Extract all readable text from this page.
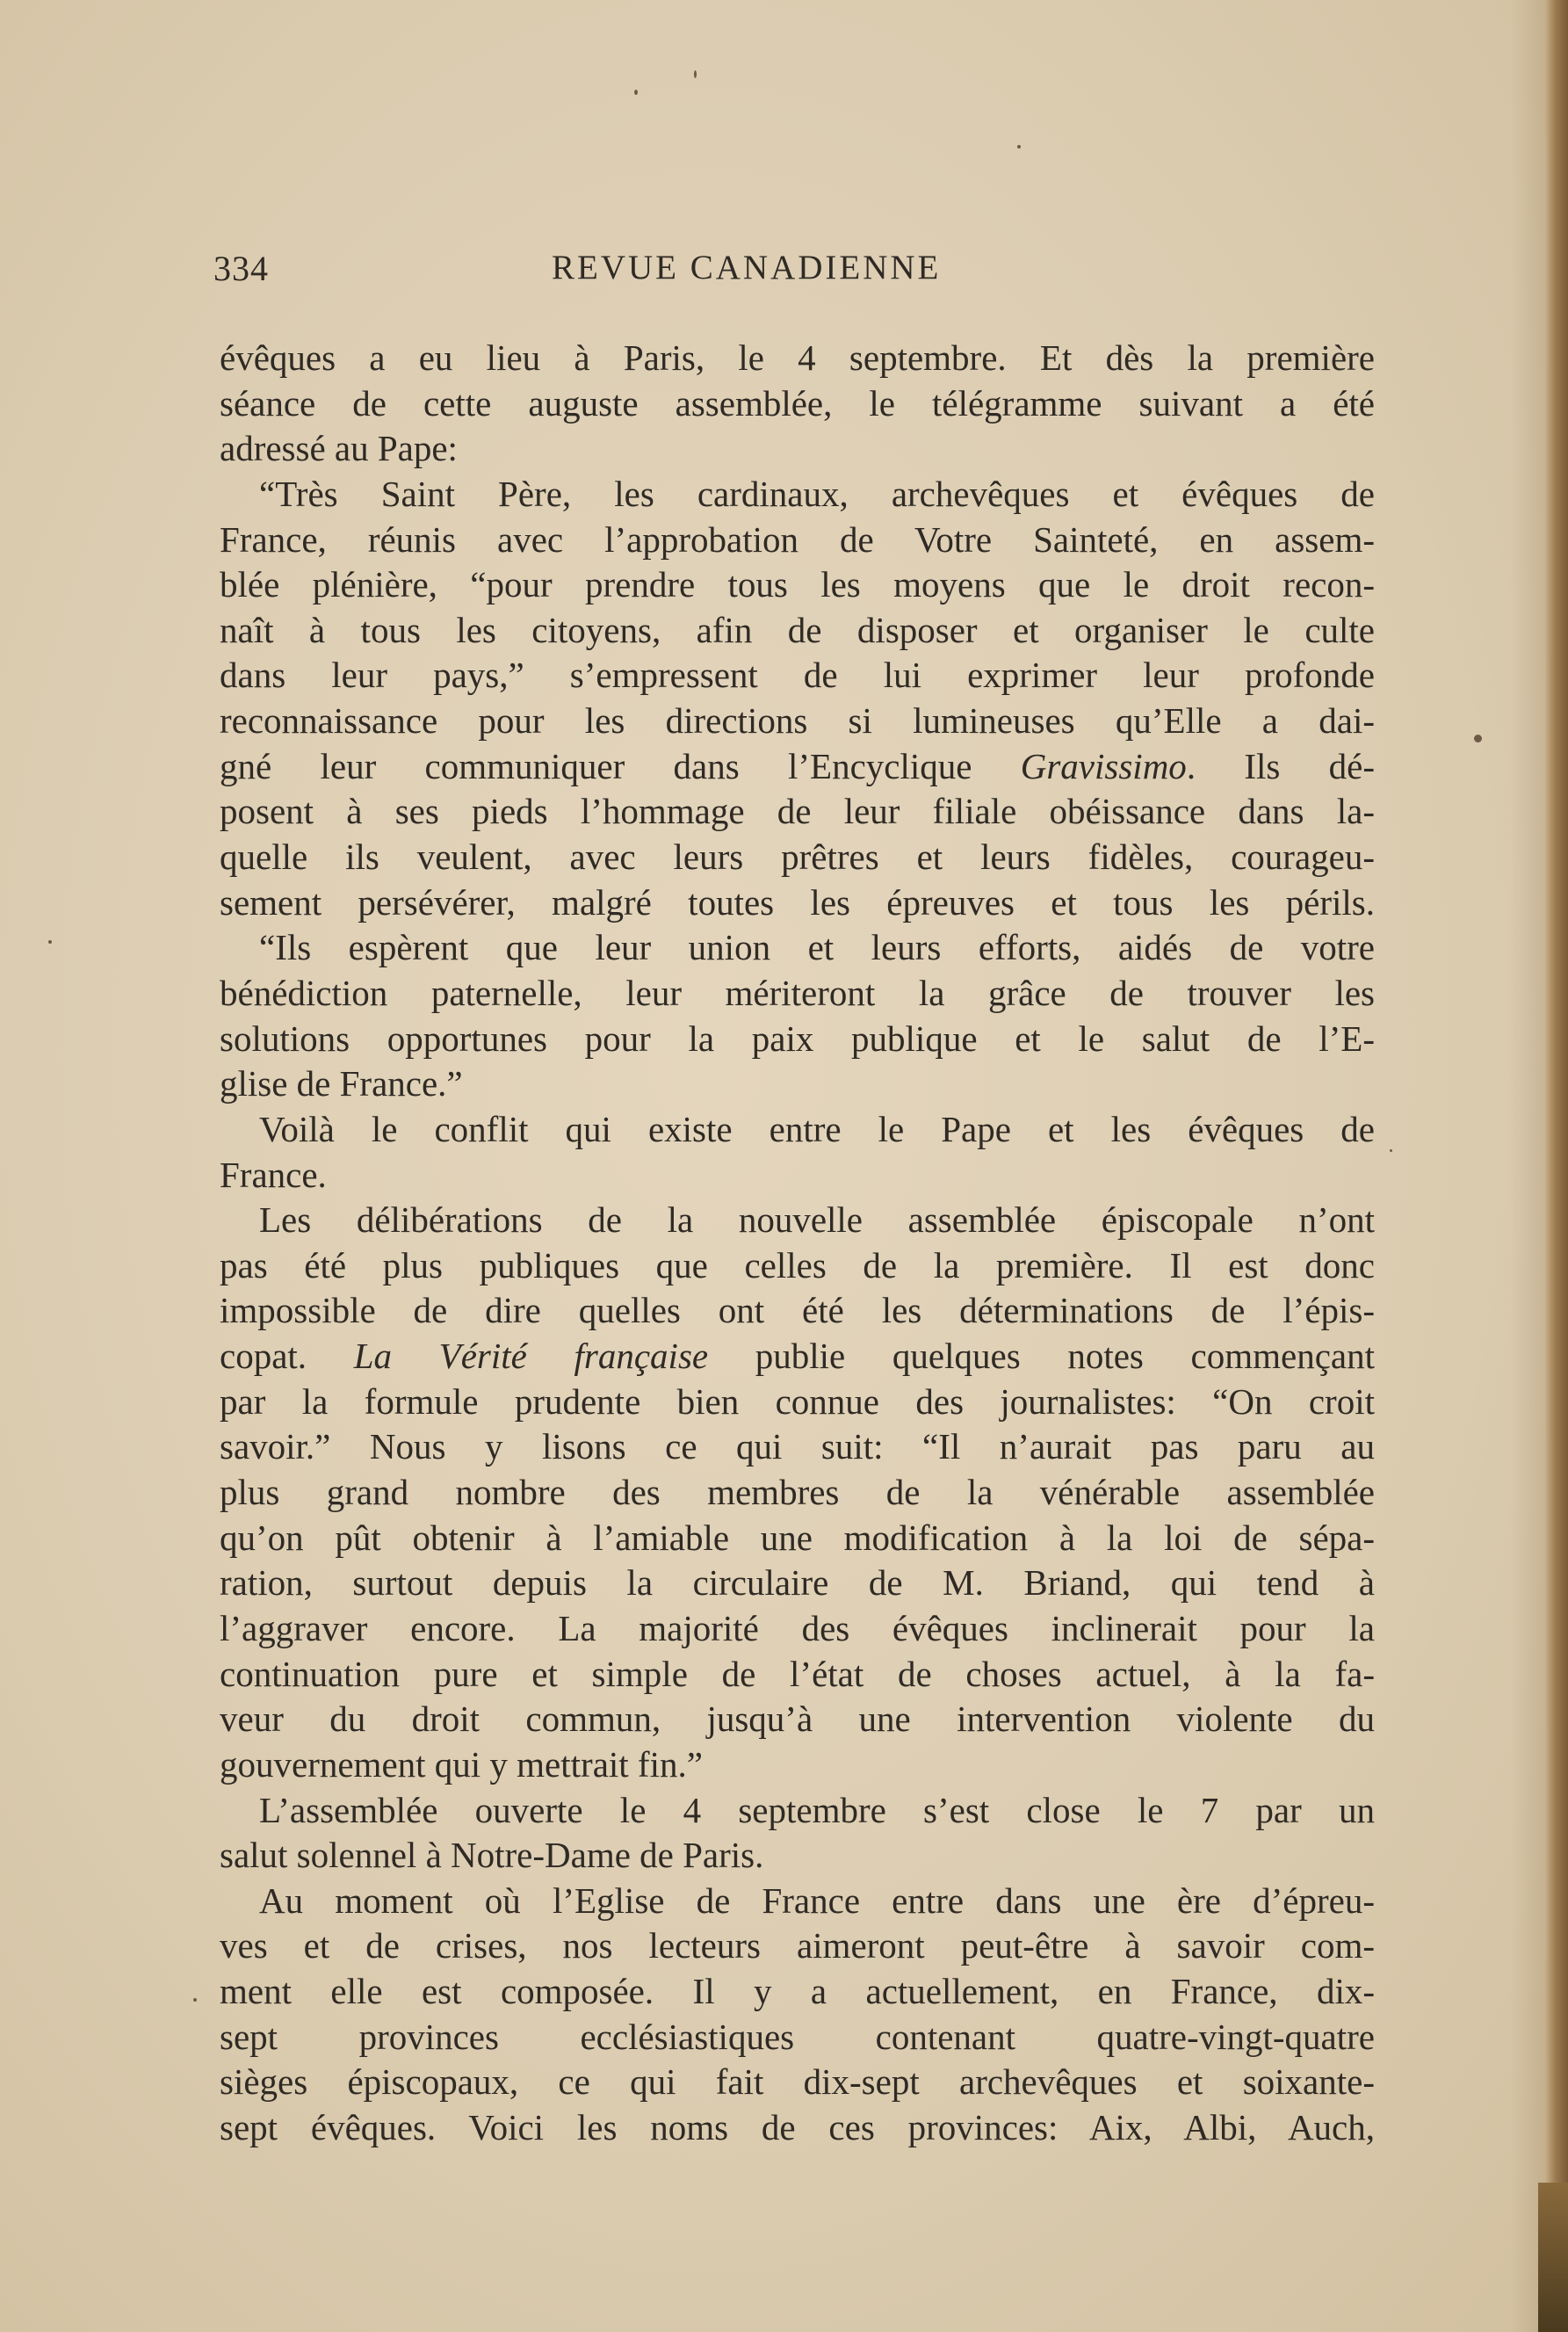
334	REVUE CANADIENNE
évêques a eu lieu à Paris, le 4 septembre. Et dès la première
séance de cette auguste assemblée, le télégramme suivant a été
adressé au Pape:
“Très Saint Père, les cardinaux, archevêques et évêques de
France, réunis avec l’approbation de Votre Sainteté, en assem-
blée plénière, “pour prendre tous les moyens que le droit recon-
naît à tous les citoyens, afin de disposer et organiser le culte
dans leur pays,” s’empressent de lui exprimer leur profonde
reconnaissance pour les directions si lumineuses qu’Elle a dai-
gné leur communiquer dans l’Encyclique Gravissimo. Ils dé-
posent à ses pieds l’hommage de leur filiale obéissance dans la-
quelle ils veulent, avec leurs prêtres et leurs fidèles, courageu-
sement persévérer, malgré toutes les épreuves et tous les périls.
“Ils espèrent que leur union et leurs efforts, aidés de votre
bénédiction paternelle, leur mériteront la grâce de trouver les
solutions opportunes pour la paix publique et le salut de l’E-
glise de France.”
Voilà le conflit qui existe entre le Pape et les évêques de
France.
Les délibérations de la nouvelle assemblée épiscopale n’ont
pas été plus publiques que celles de la première. Il est donc
impossible de dire quelles ont été les déterminations de l’épis-
copat. La Vérité française publie quelques notes commençant
par la formule prudente bien connue des journalistes: “On croit
savoir.” Nous y lisons ce qui suit: “Il n’aurait pas paru au
plus grand nombre des membres de la vénérable assemblée
qu’on pût obtenir à l’amiable une modification à la loi de sépa-
ration, surtout depuis la circulaire de M. Briand, qui tend à
l’aggraver encore. La majorité des évêques inclinerait pour la
continuation pure et simple de l’état de choses actuel, à la fa-
veur du droit commun, jusqu’à une intervention violente du
gouvernement qui y mettrait fin.”
L’assemblée ouverte le 4 septembre s’est close le 7 par un
salut solennel à Notre-Dame de Paris.
Au moment où l’Eglise de France entre dans une ère d’épreu-
ves et de crises, nos lecteurs aimeront peut-être à savoir com-
ment elle est composée. Il y a actuellement, en France, dix-
sept provinces ecclésiastiques contenant quatre-vingt-quatre
sièges épiscopaux, ce qui fait dix-sept archevêques et soixante-
sept évêques. Voici les noms de ces provinces: Aix, Albi, Auch,
